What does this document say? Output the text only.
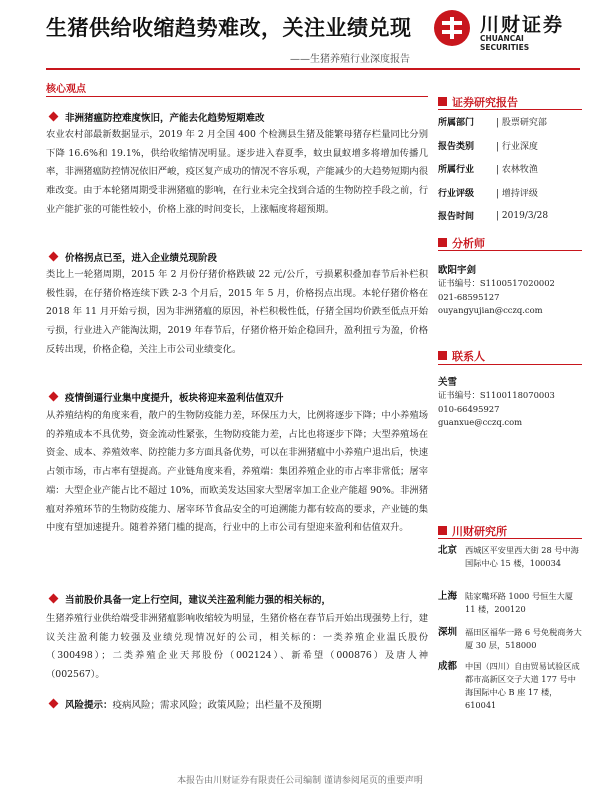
生猪供给收缩趋势难改，关注业绩兑现
——生猪养殖行业深度报告
川财证券
CHUANCAI SECURITIES
核心观点
非洲猪瘟防控难度恢旧，产能去化趋势短期难改
农业农村部最新数据显示，2019 年 2 月全国 400 个检测县生猪及能繁母猪存栏量同比分别下降 16.6%和 19.1%，供给收缩情况明显。逐步进入春夏季，蚊虫鼠蚁增多将增加传播几率，非洲猪瘟防控情况依旧严峻，疫区复产成功的情况不容乐观，产能减少的大趋势短期内很难改变。由于本轮猪周期受非洲猪瘟的影响，在行业未完全找到合适的生物防控手段之前，行业产能扩张的可能性较小，价格上涨的时间变长，上涨幅度将超预期。
价格拐点已至，进入企业绩兑现阶段
类比上一轮猪周期，2015 年 2 月份仔猪价格跌破 22 元/公斤，亏损累积叠加春节后补栏积极性弱，在仔猪价格连续下跌 2-3 个月后，2015 年 5 月，价格拐点出现。本轮仔猪价格在 2018 年 11 月开始亏损，因为非洲猪瘟的原因，补栏积极性低，仔猪全国均价跌至低点开始亏损，行业进入产能淘汰期，2019 年春节后，仔猪价格开始企稳回升，盈利扭亏为盈，价格反转出现，价格企稳，关注上市公司业绩变化。
疫情倒逼行业集中度提升，板块将迎来盈利估值双升
从养殖结构的角度来看，散户的生物防疫能力差，环保压力大，比例将逐步下降；中小养殖场的养殖成本不具优势，资金流动性紧张，生物防疫能力差，占比也将逐步下降；大型养殖场在资金、成本、养殖效率、防控能力多方面具备优势，可以在非洲猪瘟中小养殖户退出后，快速占领市场，市占率有望提高。产业链角度来看，养殖端：集团养殖企业的市占率非常低；屠宰端：大型企业产能占比不超过 10%，而欧美发达国家大型屠宰加工企业产能超 90%。非洲猪瘟对养殖环节的生物防疫能力、屠宰环节食品安全的可追溯能力都有较高的要求，产业链的集中度有望加速提升。随着养猪门槛的提高，行业中的上市公司有望迎来盈利和估值双升。
当前股价具备一定上行空间，建议关注盈利能力强的相关标的，
生猪养殖行业供给端受非洲猪瘟影响收缩较为明显，生猪价格在春节后开始出现强势上行，建议关注盈利能力较强及业绩兑现情况好的公司，相关标的：一类养殖企业温氏股份（300498）；二类养殖企业天邦股份（002124）、新希望（000876）及唐人神（002567）。
风险提示：疫病风险；需求风险；政策风险；出栏量不及预期
证券研究报告
所属部门	| 股票研究部
报告类别	| 行业深度
所属行业	| 农林牧渔
行业评级	| 增持评级
报告时间	| 2019/3/28
分析师
欧阳宇剑
证书编号：S1100517020002
021-68595127
ouyangyujian@cczq.com
联系人
关雪
证书编号：S1100118070003
010-66495927
guanxue@cczq.com
川财研究所
北京 西城区平安里西大街 28 号中海国际中心 15 楼，100034
上海 陆家嘴环路 1000 号恒生大厦 11 楼，200120
深圳 福田区福华一路 6 号免税商务大厦 30 层，518000
成都 中国（四川）自由贸易试验区成都市高新区交子大道 177 号中海国际中心 B 座 17 楼，610041
本报告由川财证券有限责任公司编制 谨请参阅尾页的重要声明
